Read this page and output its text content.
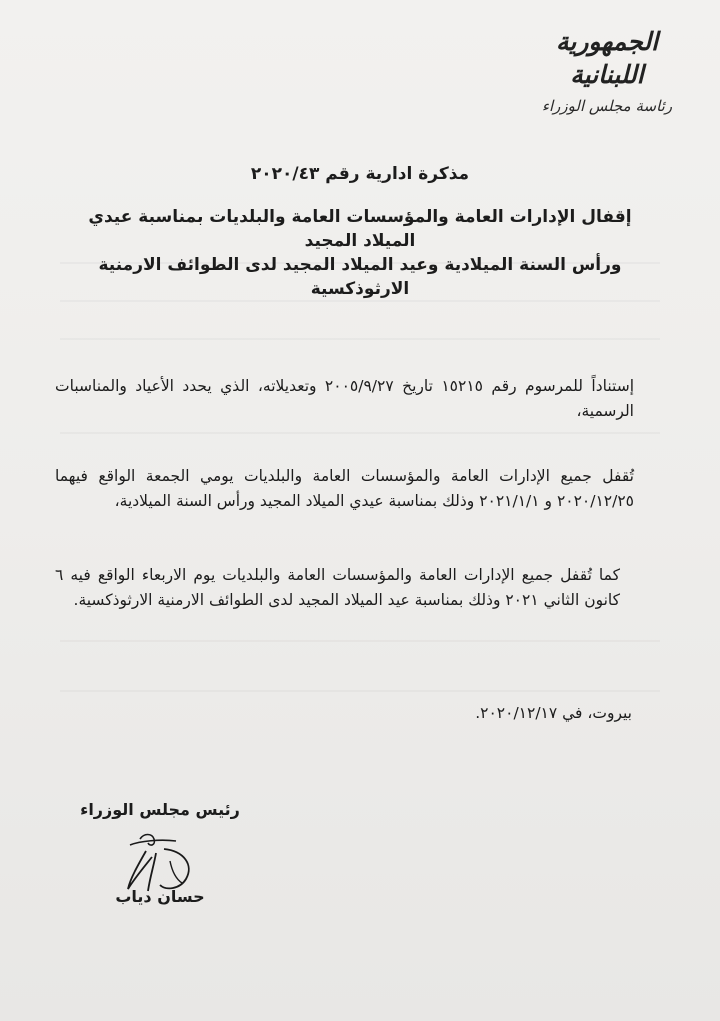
الجمهورية اللبنانية
رئاسة مجلس الوزراء
مذكرة ادارية رقم ٢٠٢٠/٤٣
إقفال الإدارات العامة والمؤسسات العامة والبلديات بمناسبة عيدي الميلاد المجيد
ورأس السنة الميلادية وعيد الميلاد المجيد لدى الطوائف الارمنية الارثوذكسية
إستناداً للمرسوم رقم ١٥٢١٥ تاريخ ٢٠٠٥/٩/٢٧ وتعديلاته، الذي يحدد الأعياد والمناسبات الرسمية،
تُقفل جميع الإدارات العامة والمؤسسات العامة والبلديات يومي الجمعة الواقع فيهما ٢٠٢٠/١٢/٢٥ و ٢٠٢١/١/١ وذلك بمناسبة عيدي الميلاد المجيد ورأس السنة الميلادية،
كما تُقفل جميع الإدارات العامة والمؤسسات العامة والبلديات يوم الاربعاء الواقع فيه ٦ كانون الثاني ٢٠٢١ وذلك بمناسبة عيد الميلاد المجيد لدى الطوائف الارمنية الارثوذكسية.
بيروت، في ٢٠٢٠/١٢/١٧.
رئيس مجلس الوزراء
حسان دياب
